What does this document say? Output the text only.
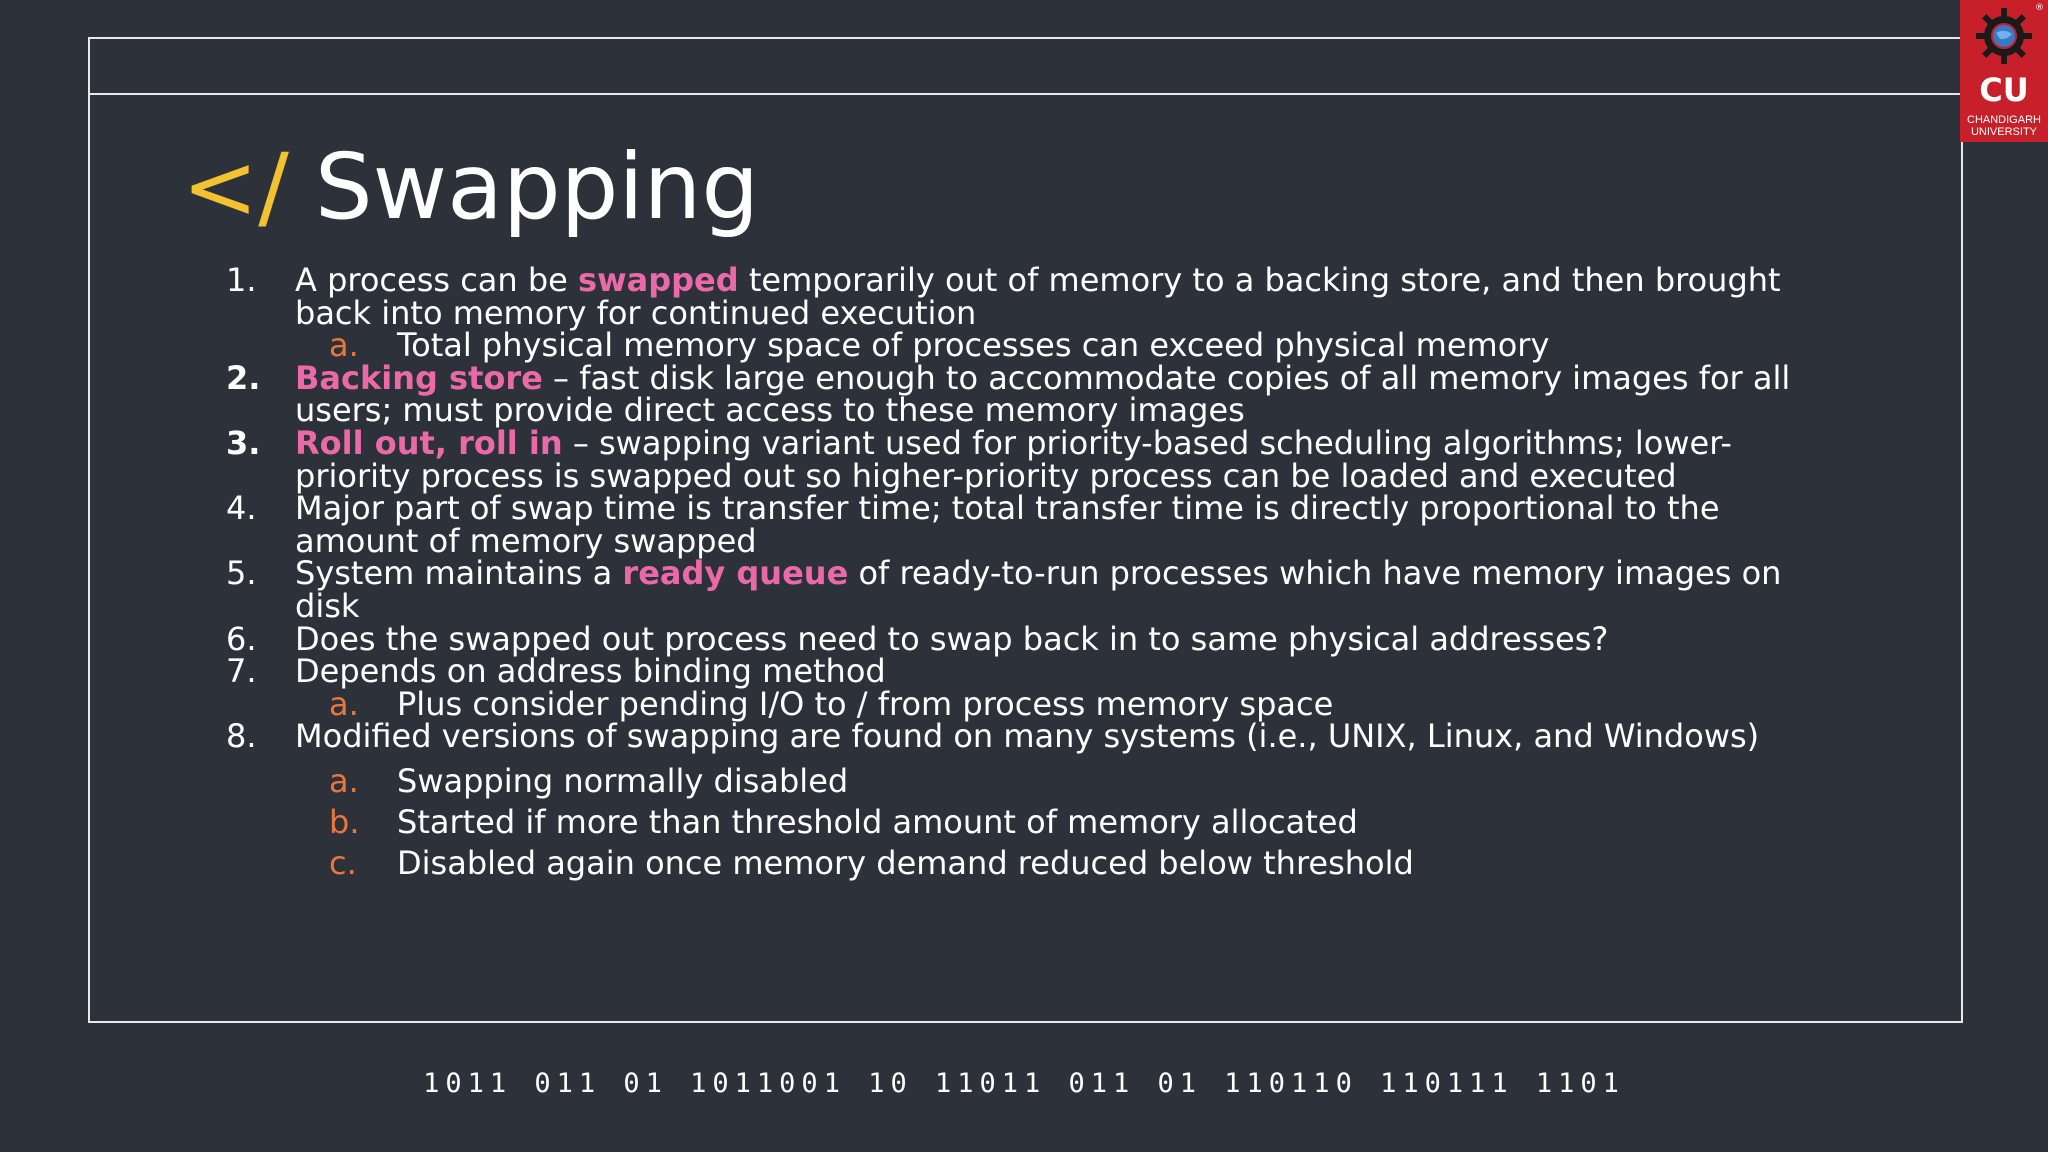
</ Swapping
1.	A process can be swapped temporarily out of memory to a backing store, and then brought
back into memory for continued execution
a. Total physical memory space of processes can exceed physical memory
2.	Backing store – fast disk large enough to accommodate copies of all memory images for all
users; must provide direct access to these memory images
3.	Roll out, roll in – swapping variant used for priority-based scheduling algorithms; lower-
priority process is swapped out so higher-priority process can be loaded and executed
4.	Major part of swap time is transfer time; total transfer time is directly proportional to the
amount of memory swapped
5.	System maintains a ready queue of ready-to-run processes which have memory images on
disk
6.	Does the swapped out process need to swap back in to same physical addresses?
7.	Depends on address binding method
a. Plus consider pending I/O to / from process memory space
8.	Modified versions of swapping are found on many systems (i.e., UNIX, Linux, and Windows)
a. Swapping normally disabled
b. Started if more than threshold amount of memory allocated
c. Disabled again once memory demand reduced below threshold
1011 011 01 1011001 10 11011 011 01 110110 110111 1101
®
CU
CHANDIGARH
UNIVERSITY
